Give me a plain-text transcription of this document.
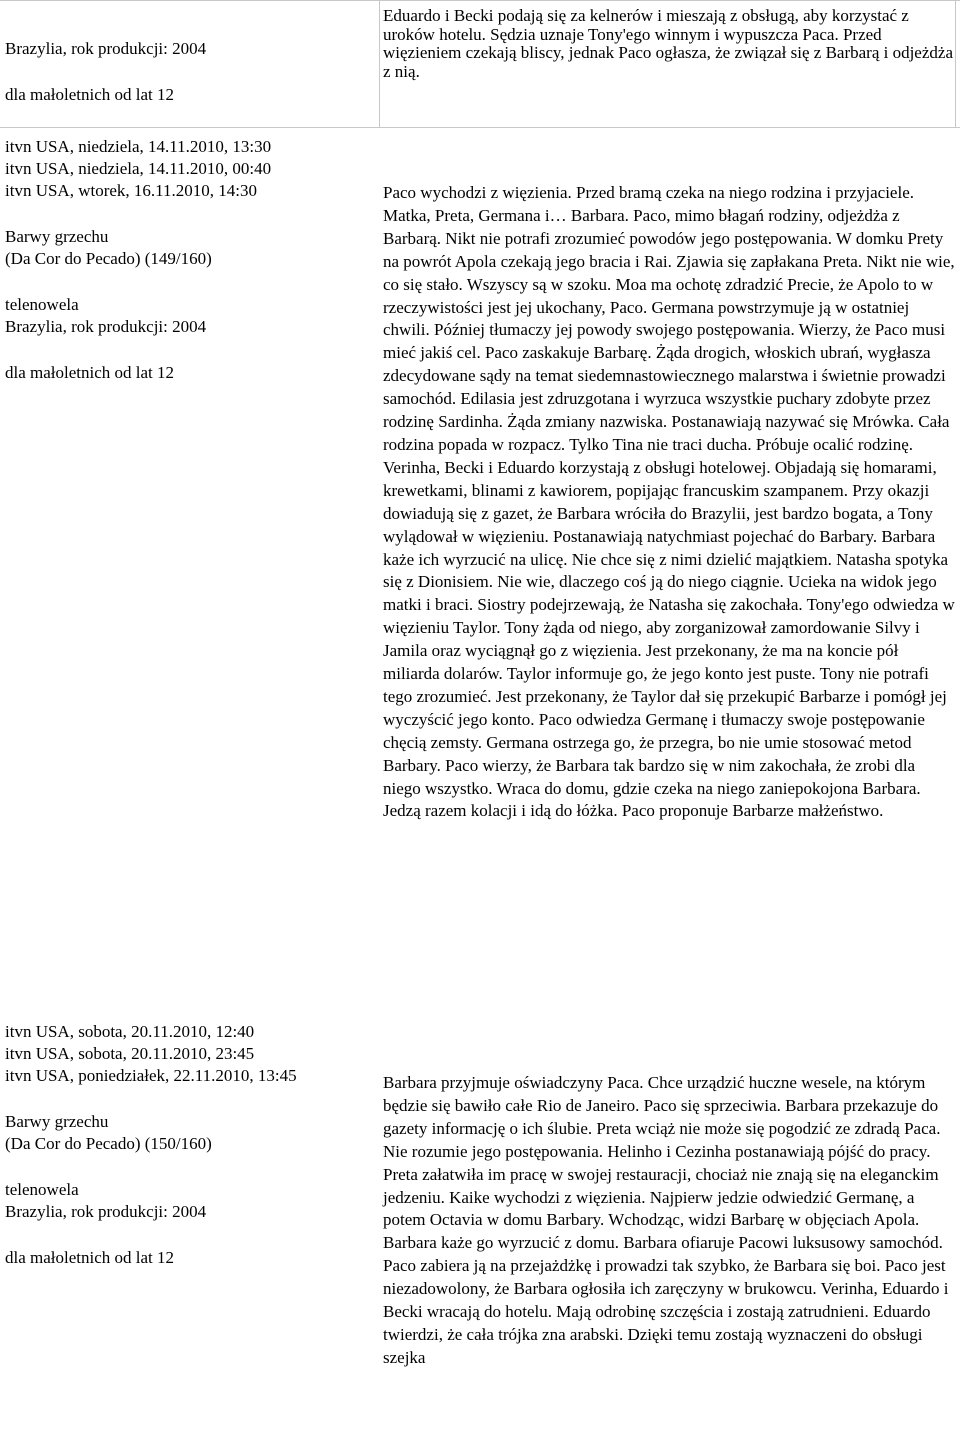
Brazylia, rok produkcji: 2004
dla małoletnich od lat 12

Eduardo i Becki podają się za kelnerów i mieszają z obsługą, aby korzystać z uroków hotelu. Sędzia uznaje Tony'ego winnym i wypuszcza Paca. Przed więzieniem czekają bliscy, jednak Paco ogłasza, że związał się z Barbarą i odjeżdża z nią.

itvn USA, niedziela, 14.11.2010, 13:30
itvn USA, niedziela, 14.11.2010, 00:40
itvn USA, wtorek, 16.11.2010, 14:30
Barwy grzechu
(Da Cor do Pecado) (149/160)
telenowela
Brazylia, rok produkcji: 2004
dla małoletnich od lat 12

Paco wychodzi z więzienia. Przed bramą czeka na niego rodzina i przyjaciele. Matka, Preta, Germana i… Barbara. Paco, mimo błagań rodziny, odjeżdża z Barbarą. Nikt nie potrafi zrozumieć powodów jego postępowania. W domku Prety na powrót Apola czekają jego bracia i Rai. Zjawia się zapłakana Preta. Nikt nie wie, co się stało. Wszyscy są w szoku. Moa ma ochotę zdradzić Precie, że Apolo to w rzeczywistości jest jej ukochany, Paco. Germana powstrzymuje ją w ostatniej chwili. Później tłumaczy jej powody swojego postępowania. Wierzy, że Paco musi mieć jakiś cel. Paco zaskakuje Barbarę. Żąda drogich, włoskich ubrań, wygłasza zdecydowane sądy na temat siedemnastowiecznego malarstwa i świetnie prowadzi samochód. Edilasia jest zdruzgotana i wyrzuca wszystkie puchary zdobyte przez rodzinę Sardinha. Żąda zmiany nazwiska. Postanawiają nazywać się Mrówka. Cała rodzina popada w rozpacz. Tylko Tina nie traci ducha. Próbuje ocalić rodzinę. Verinha, Becki i Eduardo korzystają z obsługi hotelowej. Objadają się homarami, krewetkami, blinami z kawiorem, popijając francuskim szampanem. Przy okazji dowiadują się z gazet, że Barbara wróciła do Brazylii, jest bardzo bogata, a Tony wylądował w więzieniu. Postanawiają natychmiast pojechać do Barbary. Barbara każe ich wyrzucić na ulicę. Nie chce się z nimi dzielić majątkiem. Natasha spotyka się z Dionisiem. Nie wie, dlaczego coś ją do niego ciągnie. Ucieka na widok jego matki i braci. Siostry podejrzewają, że Natasha się zakochała. Tony'ego odwiedza w więzieniu Taylor. Tony żąda od niego, aby zorganizował zamordowanie Silvy i Jamila oraz wyciągnął go z więzienia. Jest przekonany, że ma na koncie pół miliarda dolarów. Taylor informuje go, że jego konto jest puste. Tony nie potrafi tego zrozumieć. Jest przekonany, że Taylor dał się przekupić Barbarze i pomógł jej wyczyścić jego konto. Paco odwiedza Germanę i tłumaczy swoje postępowanie chęcią zemsty. Germana ostrzega go, że przegra, bo nie umie stosować metod Barbary. Paco wierzy, że Barbara tak bardzo się w nim zakochała, że zrobi dla niego wszystko. Wraca do domu, gdzie czeka na niego zaniepokojona Barbara. Jedzą razem kolacji i idą do łóżka. Paco proponuje Barbarze małżeństwo.

itvn USA, sobota, 20.11.2010, 12:40
itvn USA, sobota, 20.11.2010, 23:45
itvn USA, poniedziałek, 22.11.2010, 13:45
Barwy grzechu
(Da Cor do Pecado) (150/160)
telenowela
Brazylia, rok produkcji: 2004
dla małoletnich od lat 12

Barbara przyjmuje oświadczyny Paca. Chce urządzić huczne wesele, na którym będzie się bawiło całe Rio de Janeiro. Paco się sprzeciwia. Barbara przekazuje do gazety informację o ich ślubie. Preta wciąż nie może się pogodzić ze zdradą Paca. Nie rozumie jego postępowania. Helinho i Cezinha postanawiają pójść do pracy. Preta załatwiła im pracę w swojej restauracji, chociaż nie znają się na eleganckim jedzeniu. Kaike wychodzi z więzienia. Najpierw jedzie odwiedzić Germanę, a potem Octavia w domu Barbary. Wchodząc, widzi Barbarę w objęciach Apola. Barbara każe go wyrzucić z domu. Barbara ofiaruje Pacowi luksusowy samochód. Paco zabiera ją na przejażdżkę i prowadzi tak szybko, że Barbara się boi. Paco jest niezadowolony, że Barbara ogłosiła ich zaręczyny w brukowcu. Verinha, Eduardo i Becki wracają do hotelu. Mają odrobinę szczęścia i zostają zatrudnieni. Eduardo twierdzi, że cała trójka zna arabski. Dzięki temu zostają wyznaczeni do obsługi szejka
